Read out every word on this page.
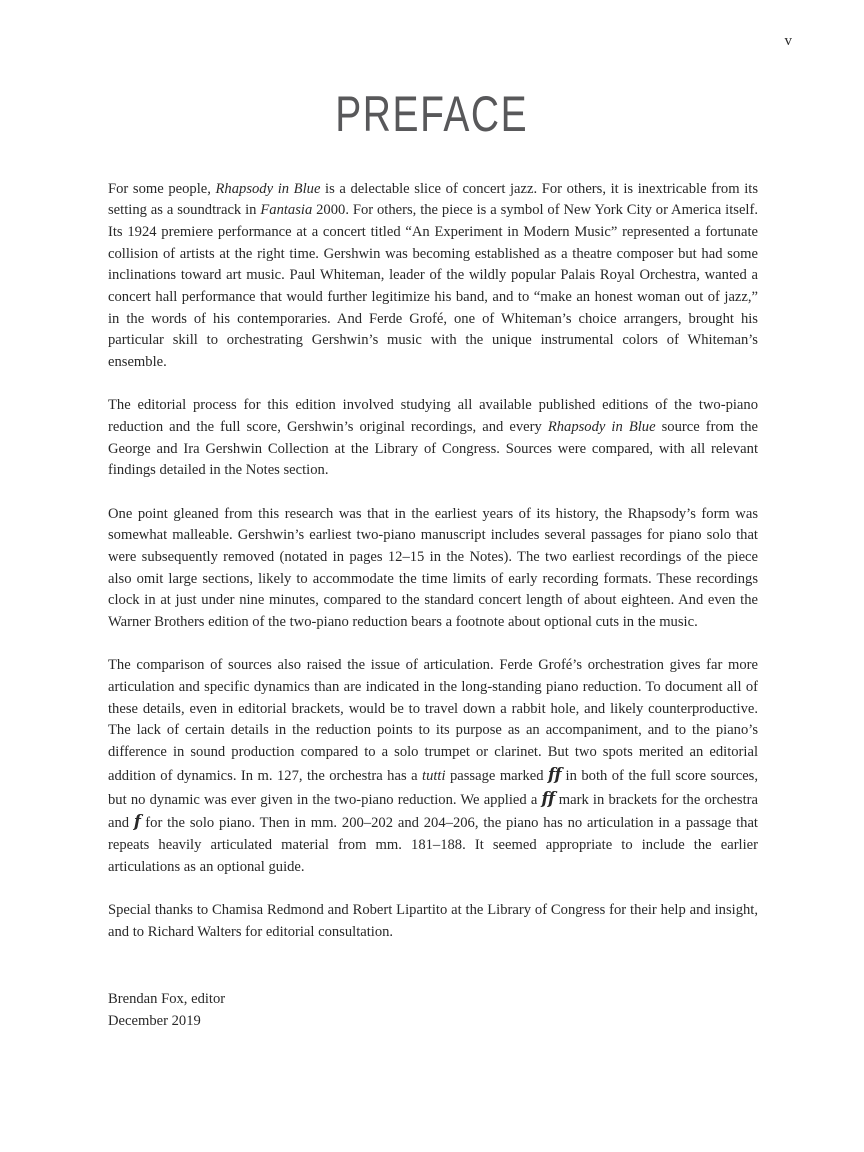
v
PREFACE

For some people, Rhapsody in Blue is a delectable slice of concert jazz. For others, it is inextricable from its setting as a soundtrack in Fantasia 2000. For others, the piece is a symbol of New York City or America itself. Its 1924 premiere performance at a concert titled “An Experiment in Modern Music” represented a fortunate collision of artists at the right time. Gershwin was becoming established as a theatre composer but had some inclinations toward art music. Paul Whiteman, leader of the wildly popular Palais Royal Orchestra, wanted a concert hall performance that would further legitimize his band, and to “make an honest woman out of jazz,” in the words of his contemporaries. And Ferde Grofé, one of Whiteman’s choice arrangers, brought his particular skill to orchestrating Gershwin’s music with the unique instrumental colors of Whiteman’s ensemble.

The editorial process for this edition involved studying all available published editions of the two-piano reduction and the full score, Gershwin’s original recordings, and every Rhapsody in Blue source from the George and Ira Gershwin Collection at the Library of Congress. Sources were compared, with all relevant findings detailed in the Notes section.

One point gleaned from this research was that in the earliest years of its history, the Rhapsody’s form was somewhat malleable. Gershwin’s earliest two-piano manuscript includes several passages for piano solo that were subsequently removed (notated in pages 12–15 in the Notes). The two earliest recordings of the piece also omit large sections, likely to accommodate the time limits of early recording formats. These recordings clock in at just under nine minutes, compared to the standard concert length of about eighteen. And even the Warner Brothers edition of the two-piano reduction bears a footnote about optional cuts in the music.

The comparison of sources also raised the issue of articulation. Ferde Grofé’s orchestration gives far more articulation and specific dynamics than are indicated in the long-standing piano reduction. To document all of these details, even in editorial brackets, would be to travel down a rabbit hole, and likely counterproductive. The lack of certain details in the reduction points to its purpose as an accompaniment, and to the piano’s difference in sound production compared to a solo trumpet or clarinet. But two spots merited an editorial addition of dynamics. In m. 127, the orchestra has a tutti passage marked ff in both of the full score sources, but no dynamic was ever given in the two-piano reduction. We applied a ff mark in brackets for the orchestra and f for the solo piano. Then in mm. 200–202 and 204–206, the piano has no articulation in a passage that repeats heavily articulated material from mm. 181–188. It seemed appropriate to include the earlier articulations as an optional guide.

Special thanks to Chamisa Redmond and Robert Lipartito at the Library of Congress for their help and insight, and to Richard Walters for editorial consultation.

Brendan Fox, editor
December 2019
